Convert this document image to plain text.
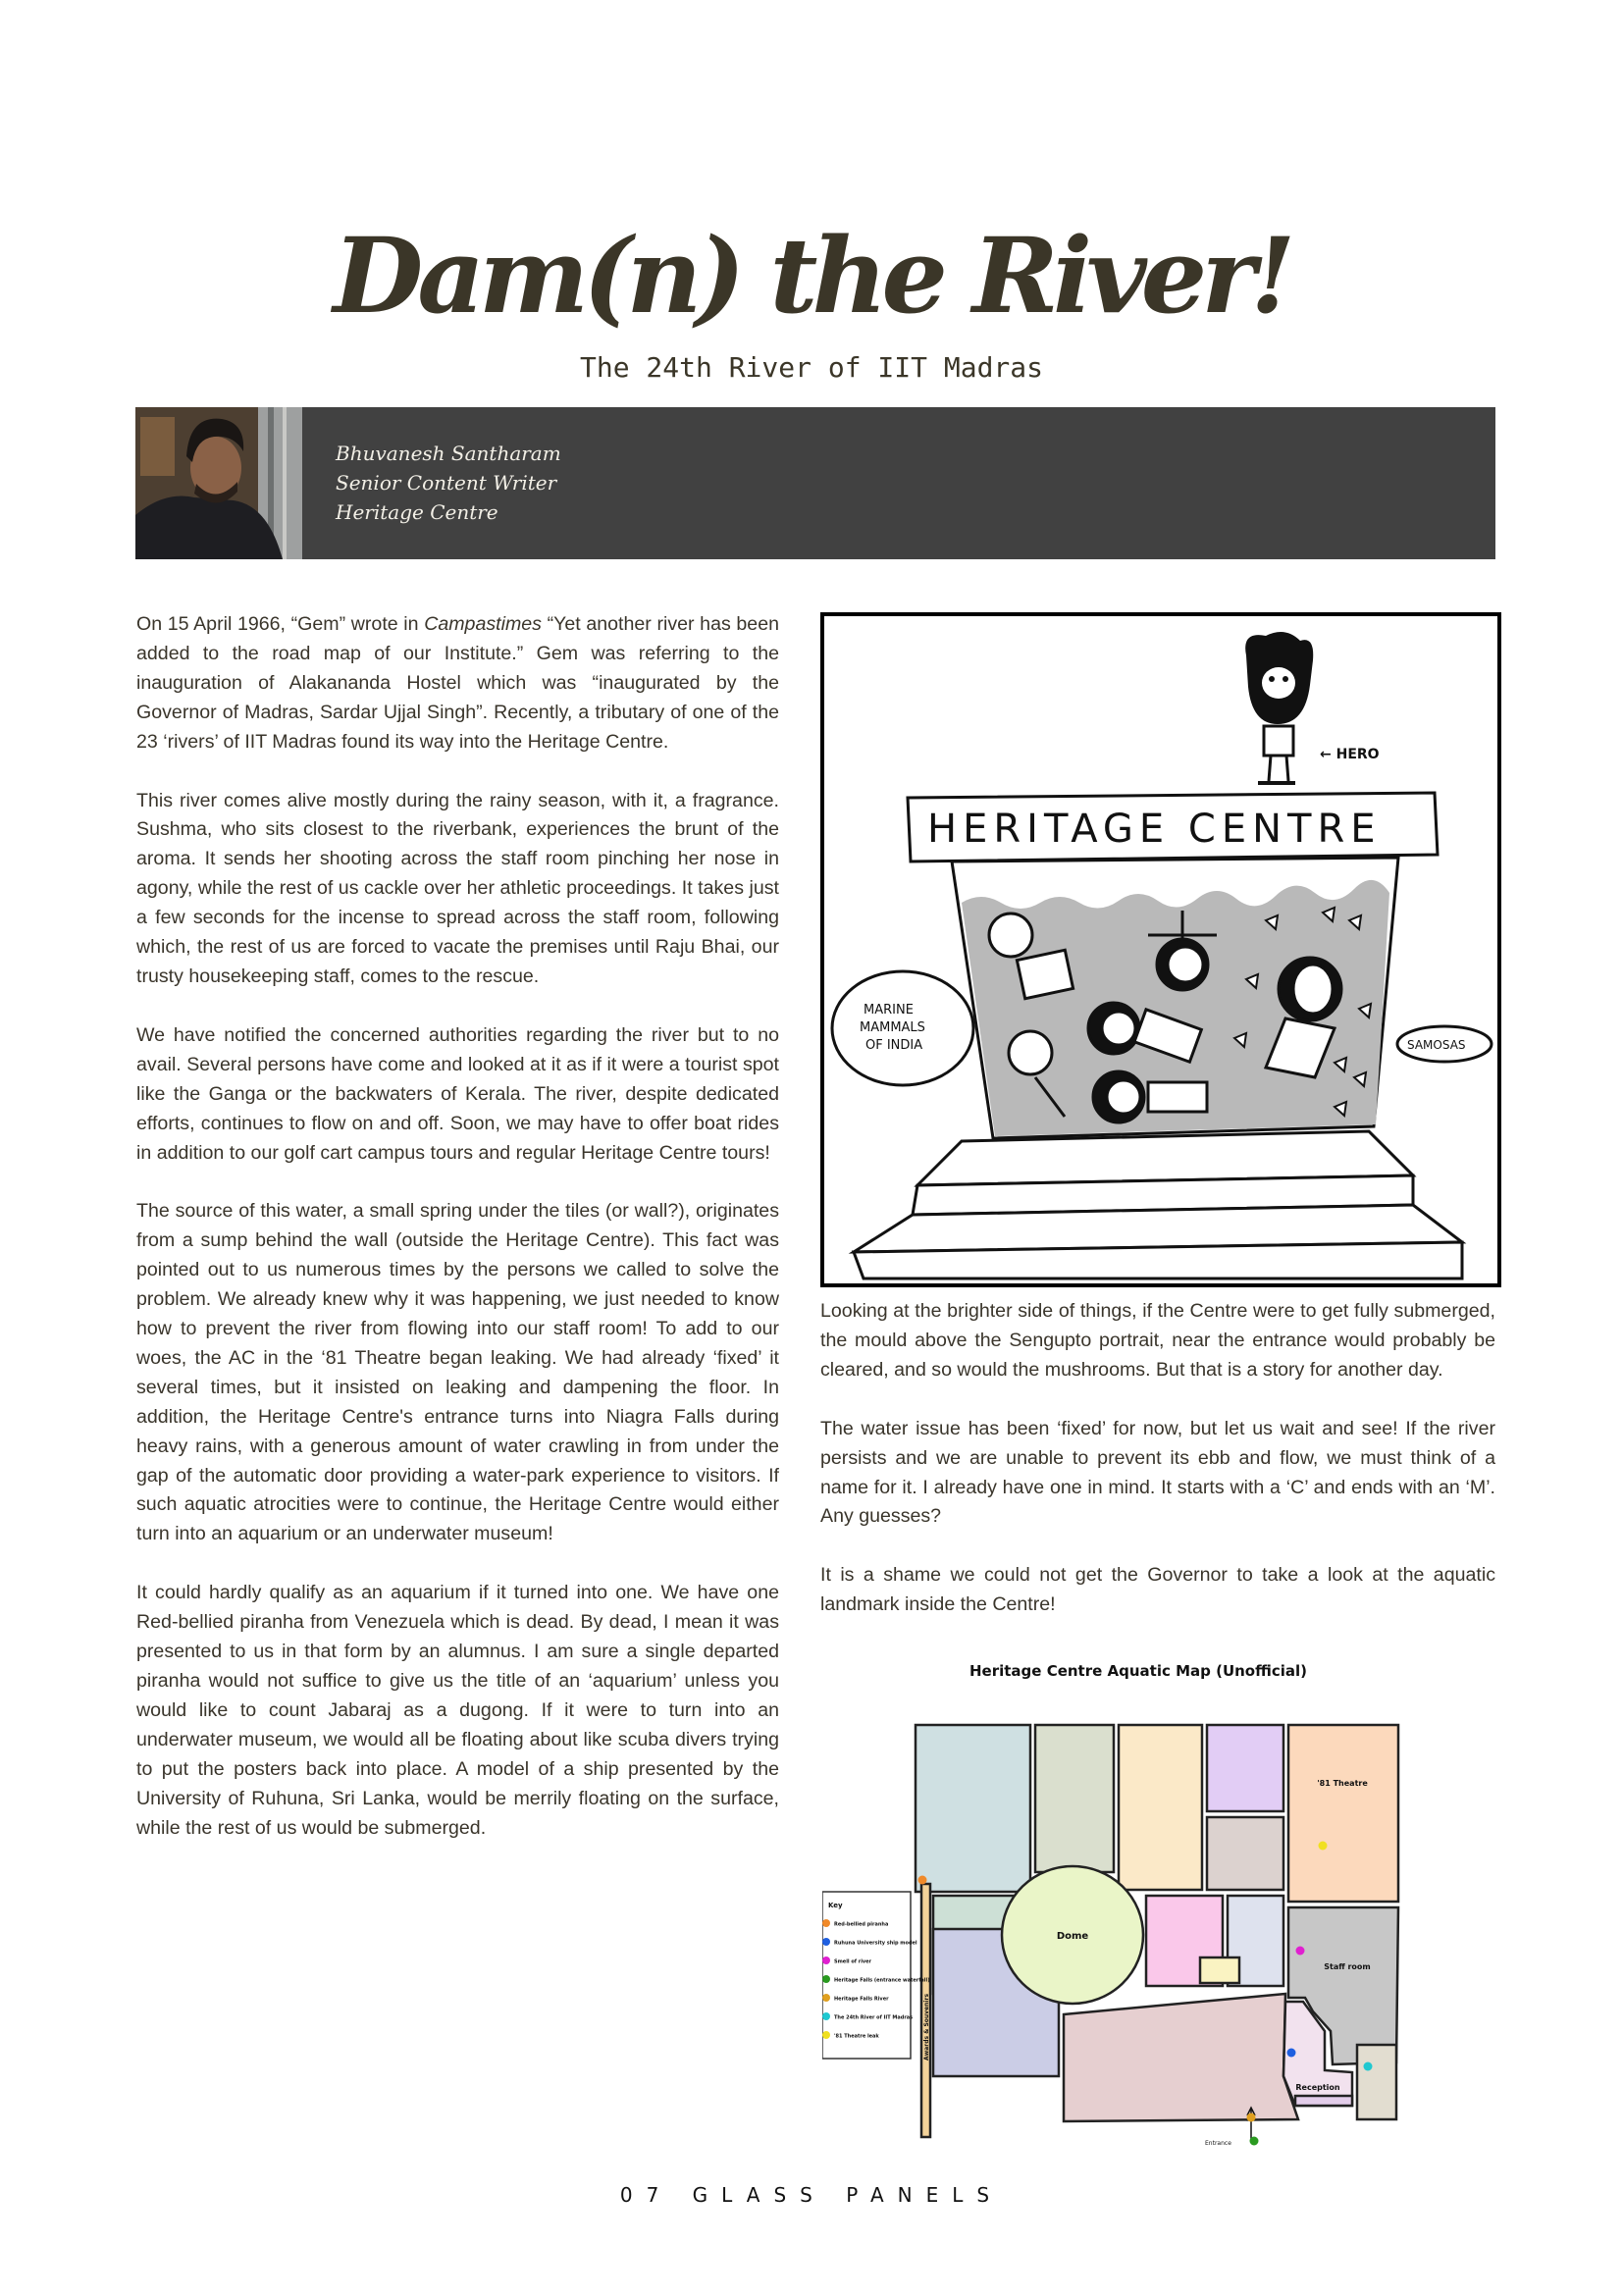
Dam(n) the River!
The 24th River of IIT Madras
Bhuvanesh Santharam
Senior Content Writer
Heritage Centre

On 15 April 1966, “Gem” wrote in Campastimes “Yet another river has been added to the road map of our Institute.” Gem was referring to the inauguration of Alakananda Hostel which was “inaugurated by the Governor of Madras, Sardar Ujjal Singh”. Recently, a tributary of one of the 23 ‘rivers’ of IIT Madras found its way into the Heritage Centre.

This river comes alive mostly during the rainy season, with it, a fragrance. Sushma, who sits closest to the riverbank, experiences the brunt of the aroma. It sends her shooting across the staff room pinching her nose in agony, while the rest of us cackle over her athletic proceedings. It takes just a few seconds for the incense to spread across the staff room, following which, the rest of us are forced to vacate the premises until Raju Bhai, our trusty housekeeping staff, comes to the rescue.

We have notified the concerned authorities regarding the river but to no avail. Several persons have come and looked at it as if it were a tourist spot like the Ganga or the backwaters of Kerala. The river, despite dedicated efforts, continues to flow on and off. Soon, we may have to offer boat rides in addition to our golf cart campus tours and regular Heritage Centre tours!

The source of this water, a small spring under the tiles (or wall?), originates from a sump behind the wall (outside the Heritage Centre). This fact was pointed out to us numerous times by the persons we called to solve the problem. We already knew why it was happening, we just needed to know how to prevent the river from flowing into our staff room! To add to our woes, the AC in the ‘81 Theatre began leaking. We had already ‘fixed’ it several times, but it insisted on leaking and dampening the floor. In addition, the Heritage Centre's entrance turns into Niagra Falls during heavy rains, with a generous amount of water crawling in from under the gap of the automatic door providing a water-park experience to visitors. If such aquatic atrocities were to continue, the Heritage Centre would either turn into an aquarium or an underwater museum!

It could hardly qualify as an aquarium if it turned into one. We have one Red-bellied piranha from Venezuela which is dead. By dead, I mean it was presented to us in that form by an alumnus. I am sure a single departed piranha would not suffice to give us the title of an ‘aquarium’ unless you would like to count Jabaraj as a dugong. If it were to turn into an underwater museum, we would all be floating about like scuba divers trying to put the posters back into place. A model of a ship presented by the University of Ruhuna, Sri Lanka, would be merrily floating on the surface, while the rest of us would be submerged.

← HERO
HERITAGE CENTRE
MARINE MAMMALS OF INDIA	SAMOSAS

Looking at the brighter side of things, if the Centre were to get fully submerged, the mould above the Sengupto portrait, near the entrance would probably be cleared, and so would the mushrooms. But that is a story for another day.

The water issue has been ‘fixed’ for now, but let us wait and see! If the river persists and we are unable to prevent its ebb and flow, we must think of a name for it. I already have one in mind. It starts with a ‘C’ and ends with an ‘M’. Any guesses?

It is a shame we could not get the Governor to take a look at the aquatic landmark inside the Centre!

Heritage Centre Aquatic Map (Unofficial)
Key
Red-bellied piranha
Ruhuna University ship model
Smell of river
Heritage Falls (entrance waterfall)
Heritage Falls River
The 24th River of IIT Madras
'81 Theatre leak
Dome
'81 Theatre
Staff room
Reception
Awards & Souvenirs
Entrance
07 GLASS PANELS
